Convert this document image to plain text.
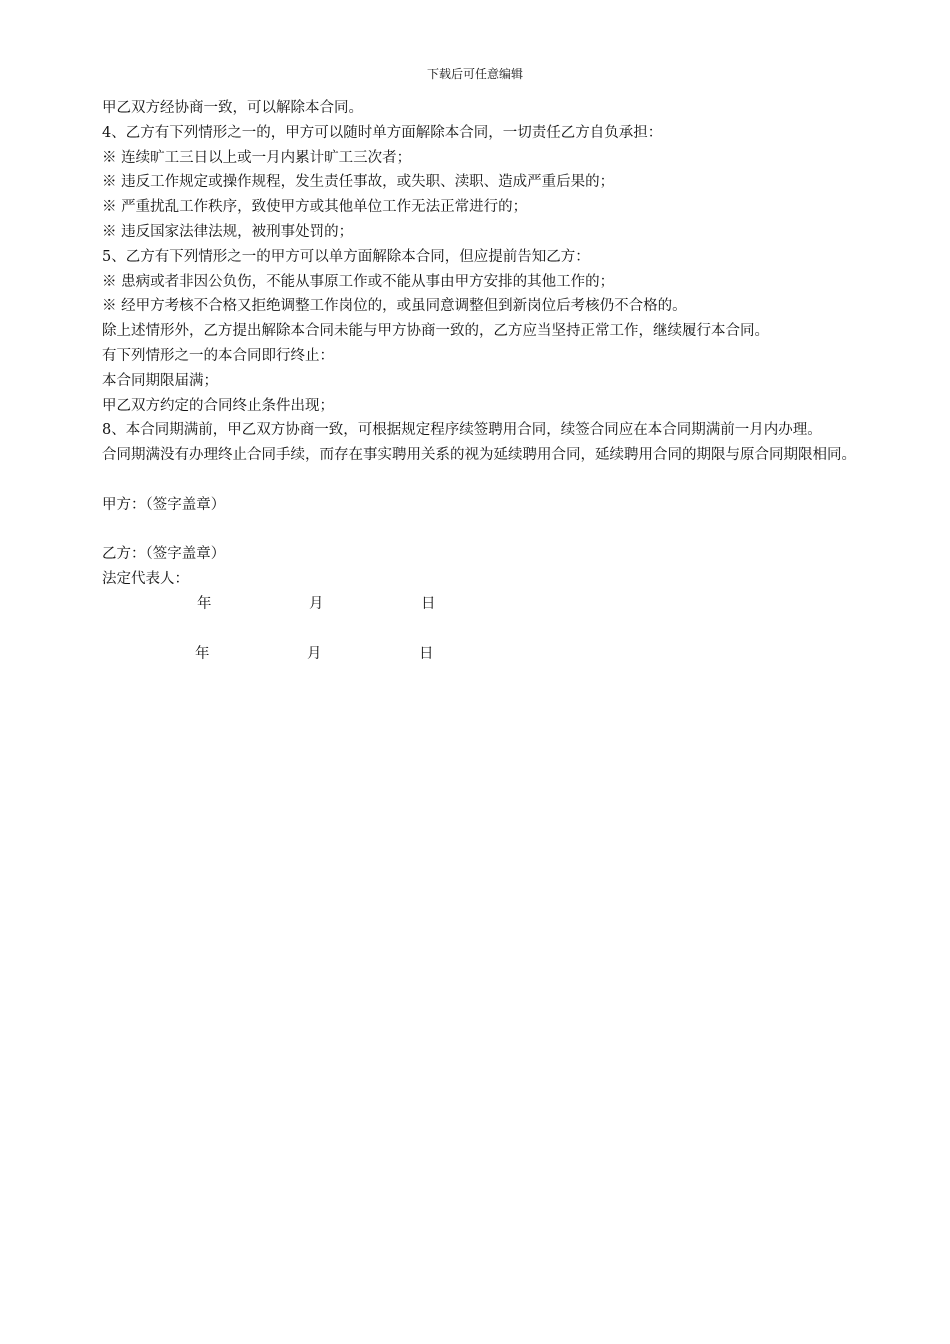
下载后可任意编辑
甲乙双方经协商一致，可以解除本合同。
4、乙方有下列情形之一的，甲方可以随时单方面解除本合同，一切责任乙方自负承担：
※ 连续旷工三日以上或一月内累计旷工三次者；
※ 违反工作规定或操作规程，发生责任事故，或失职、渎职、造成严重后果的；
※ 严重扰乱工作秩序，致使甲方或其他单位工作无法正常进行的；
※ 违反国家法律法规，被刑事处罚的；
5、乙方有下列情形之一的甲方可以单方面解除本合同，但应提前告知乙方：
※ 患病或者非因公负伤，不能从事原工作或不能从事由甲方安排的其他工作的；
※ 经甲方考核不合格又拒绝调整工作岗位的，或虽同意调整但到新岗位后考核仍不合格的。
除上述情形外，乙方提出解除本合同未能与甲方协商一致的，乙方应当坚持正常工作，继续履行本合同。
有下列情形之一的本合同即行终止：
本合同期限届满；
甲乙双方约定的合同终止条件出现；
8、本合同期满前，甲乙双方协商一致，可根据规定程序续签聘用合同，续签合同应在本合同期满前一月内办理。
合同期满没有办理终止合同手续，而存在事实聘用关系的视为延续聘用合同，延续聘用合同的期限与原合同期限相同。
甲方：（签字盖章）
乙方：（签字盖章）
法定代表人：
年	月	日
年	月	日
